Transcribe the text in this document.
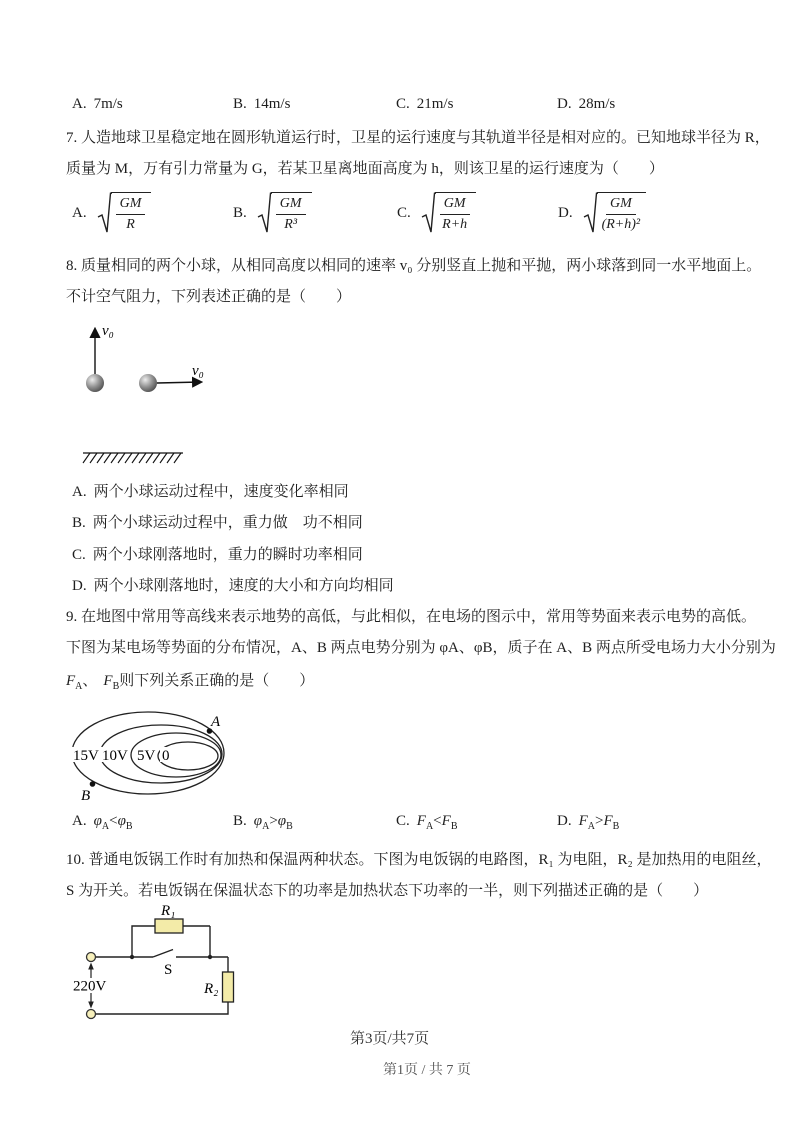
A. 7m/s	B. 14m/s	C. 21m/s	D. 28m/s
7. 人造地球卫星稳定地在圆形轨道运行时，卫星的运行速度与其轨道半径是相对应的。已知地球半径为 R，
质量为 M，万有引力常量为 G，若某卫星离地面高度为 h，则该卫星的运行速度为（　　）
A. $\frac{GM}{R}$	B. $\frac{GM}{\text{R³}}$	C. $\frac{GM}{R+h}$	D. $\frac{GM}{\text{(R+h)²}}$
8. 质量相同的两个小球，从相同高度以相同的速率 v₀ 分别竖直上抛和平抛，两小球落到同一水平地面上。
不计空气阻力，下列表述正确的是（　　）
v₀
v₀
A. 两个小球运动过程中，速度变化率相同
B. 两个小球运动过程中，重力做　功不相同
C. 两个小球刚落地时，重力的瞬时功率相同
D. 两个小球刚落地时，速度的大小和方向均相同
9. 在地图中常用等高线来表示地势的高低，与此相似，在电场的图示中，常用等势面来表示电势的高低。
下图为某电场等势面的分布情况，A、B 两点电势分别为 φA、φB，质子在 A、B 两点所受电场力大小分别为
$F_A$、 $F_B$则下列关系正确的是（　　）
15V 10V 5V 0
A
B
A. $\varphi_A<\varphi_B$	B. $\varphi_A>\varphi_B$	C. $F_A<F_B$	D. $F_A>F_B$
10. 普通电饭锅工作时有加热和保温两种状态。下图为电饭锅的电路图，R₁ 为电阻，R₂ 是加热用的电阻丝，
S 为开关。若电饭锅在保温状态下的功率是加热状态下功率的一半，则下列描述正确的是（　　）
220V
R₁
S
R₂
第3页/共7页
第1页 / 共 7 页
